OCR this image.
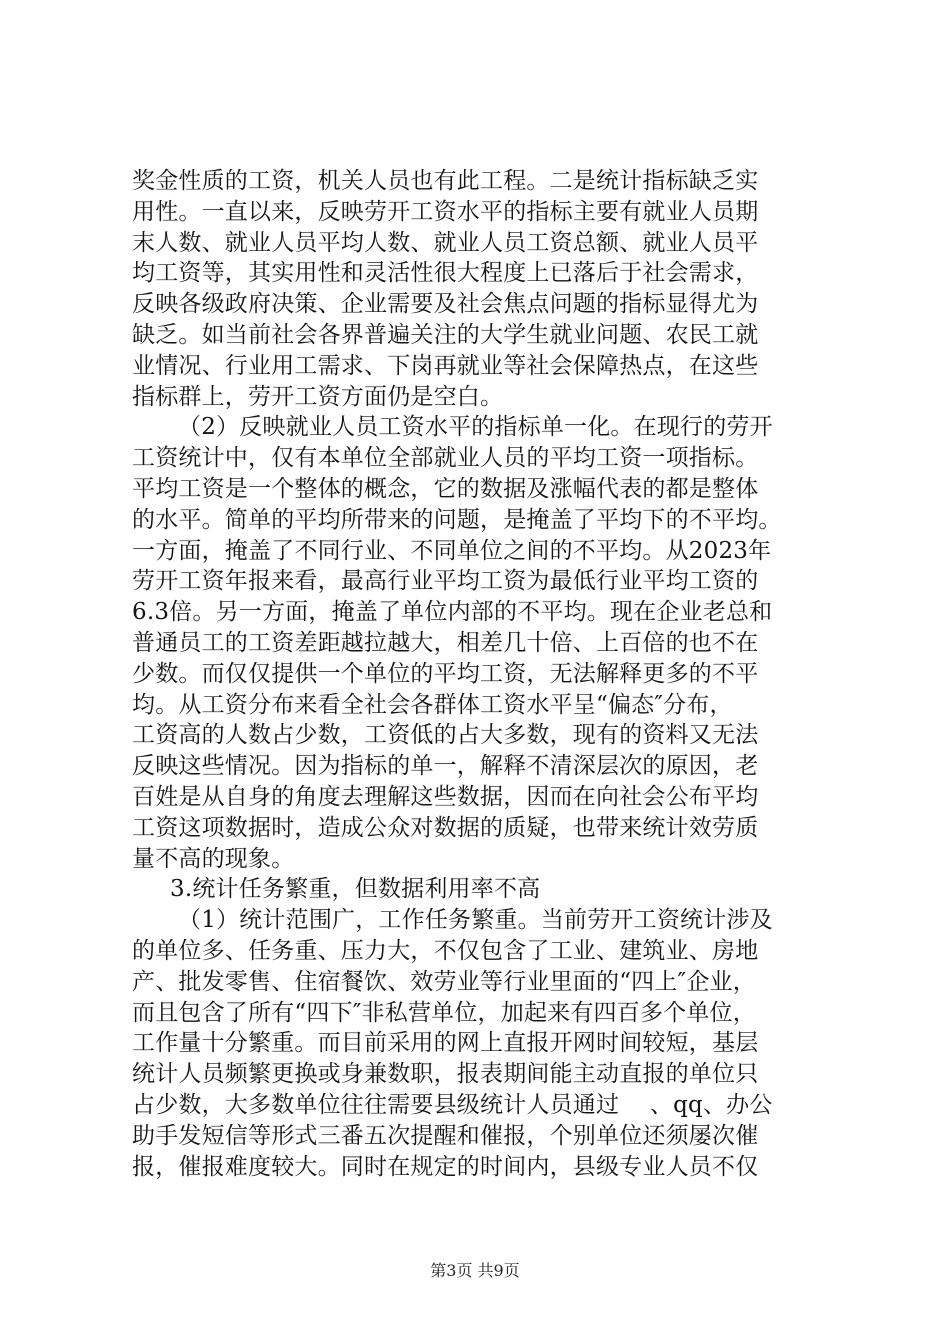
奖金性质的工资，机关人员也有此工程。二是统计指标缺乏实
用性。一直以来，反映劳开工资水平的指标主要有就业人员期
末人数、就业人员平均人数、就业人员工资总额、就业人员平
均工资等，其实用性和灵活性很大程度上已落后于社会需求，
反映各级政府决策、企业需要及社会焦点问题的指标显得尤为
缺乏。如当前社会各界普遍关注的大学生就业问题、农民工就
业情况、行业用工需求、下岗再就业等社会保障热点，在这些
指标群上，劳开工资方面仍是空白。
（2）反映就业人员工资水平的指标单一化。在现行的劳开
工资统计中，仅有本单位全部就业人员的平均工资一项指标。
平均工资是一个整体的概念，它的数据及涨幅代表的都是整体
的水平。简单的平均所带来的问题，是掩盖了平均下的不平均。
一方面，掩盖了不同行业、不同单位之间的不平均。从2023年
劳开工资年报来看，最高行业平均工资为最低行业平均工资的
6.3倍。另一方面，掩盖了单位内部的不平均。现在企业老总和
普通员工的工资差距越拉越大，相差几十倍、上百倍的也不在
少数。而仅仅提供一个单位的平均工资，无法解释更多的不平
均。从工资分布来看全社会各群体工资水平呈“偏态″分布，
工资高的人数占少数，工资低的占大多数，现有的资料又无法
反映这些情况。因为指标的单一，解释不清深层次的原因，老
百姓是从自身的角度去理解这些数据，因而在向社会公布平均
工资这项数据时，造成公众对数据的质疑，也带来统计效劳质
量不高的现象。
3.统计任务繁重，但数据利用率不高
（1）统计范围广，工作任务繁重。当前劳开工资统计涉及
的单位多、任务重、压力大，不仅包含了工业、建筑业、房地
产、批发零售、住宿餐饮、效劳业等行业里面的“四上″企业，
而且包含了所有“四下″非私营单位，加起来有四百多个单位，
工作量十分繁重。而目前采用的网上直报开网时间较短，基层
统计人员频繁更换或身兼数职，报表期间能主动直报的单位只
占少数，大多数单位往往需要县级统计人员通过　 、qq、办公
助手发短信等形式三番五次提醒和催报，个别单位还须屡次催
报，催报难度较大。同时在规定的时间内，县级专业人员不仅
第3页 共9页
